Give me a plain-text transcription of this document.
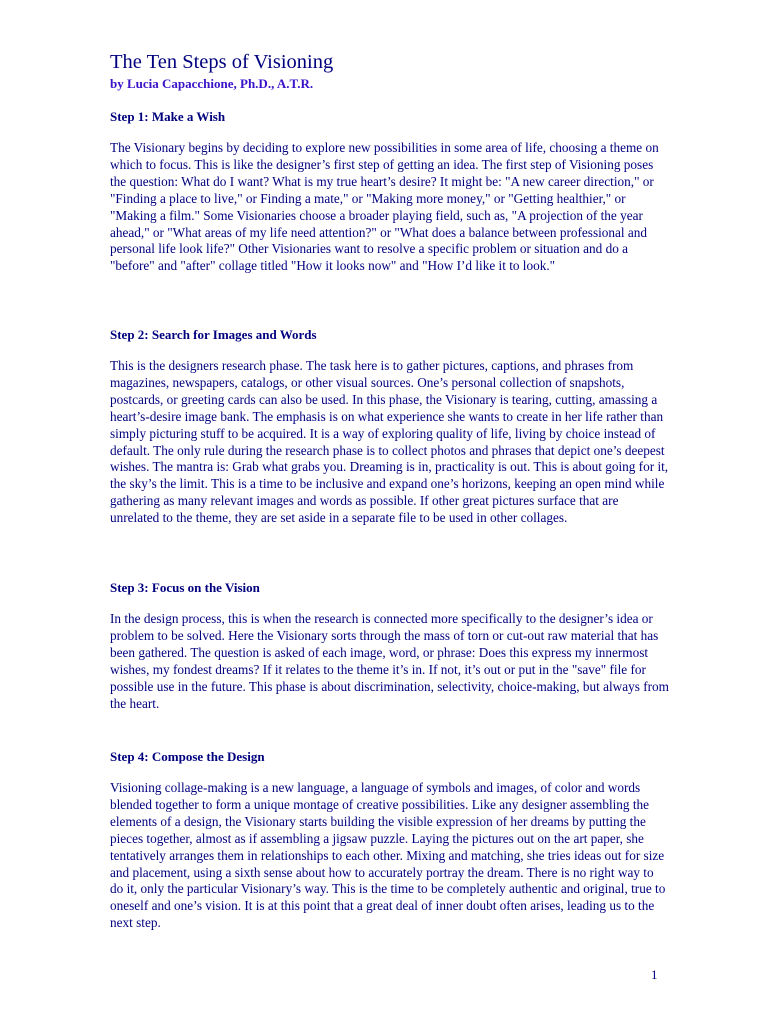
The Ten Steps of Visioning

by Lucia Capacchione, Ph.D., A.T.R.

Step 1: Make a Wish

The Visionary begins by deciding to explore new possibilities in some area of life, choosing a theme on which to focus. This is like the designer’s first step of getting an idea. The first step of Visioning poses the question: What do I want? What is my true heart’s desire? It might be: "A new career direction," or "Finding a place to live," or Finding a mate," or "Making more money," or "Getting healthier," or "Making a film." Some Visionaries choose a broader playing field, such as, "A projection of the year ahead," or "What areas of my life need attention?" or "What does a balance between professional and personal life look life?" Other Visionaries want to resolve a specific problem or situation and do a "before" and "after" collage titled "How it looks now" and "How I’d like it to look."

Step 2: Search for Images and Words

This is the designers research phase. The task here is to gather pictures, captions, and phrases from magazines, newspapers, catalogs, or other visual sources. One’s personal collection of snapshots, postcards, or greeting cards can also be used. In this phase, the Visionary is tearing, cutting, amassing a heart’s-desire image bank. The emphasis is on what experience she wants to create in her life rather than simply picturing stuff to be acquired. It is a way of exploring quality of life, living by choice instead of default. The only rule during the research phase is to collect photos and phrases that depict one’s deepest wishes. The mantra is: Grab what grabs you. Dreaming is in, practicality is out. This is about going for it, the sky’s the limit. This is a time to be inclusive and expand one’s horizons, keeping an open mind while gathering as many relevant images and words as possible. If other great pictures surface that are unrelated to the theme, they are set aside in a separate file to be used in other collages.

Step 3: Focus on the Vision

In the design process, this is when the research is connected more specifically to the designer’s idea or problem to be solved. Here the Visionary sorts through the mass of torn or cut-out raw material that has been gathered. The question is asked of each image, word, or phrase: Does this express my innermost wishes, my fondest dreams? If it relates to the theme it’s in. If not, it’s out or put in the "save" file for possible use in the future. This phase is about discrimination, selectivity, choice-making, but always from the heart.

Step 4: Compose the Design

Visioning collage-making is a new language, a language of symbols and images, of color and words blended together to form a unique montage of creative possibilities. Like any designer assembling the elements of a design, the Visionary starts building the visible expression of her dreams by putting the pieces together, almost as if assembling a jigsaw puzzle. Laying the pictures out on the art paper, she tentatively arranges them in relationships to each other. Mixing and matching, she tries ideas out for size and placement, using a sixth sense about how to accurately portray the dream. There is no right way to do it, only the particular Visionary’s way. This is the time to be completely authentic and original, true to oneself and one’s vision. It is at this point that a great deal of inner doubt often arises, leading us to the next step.

1
